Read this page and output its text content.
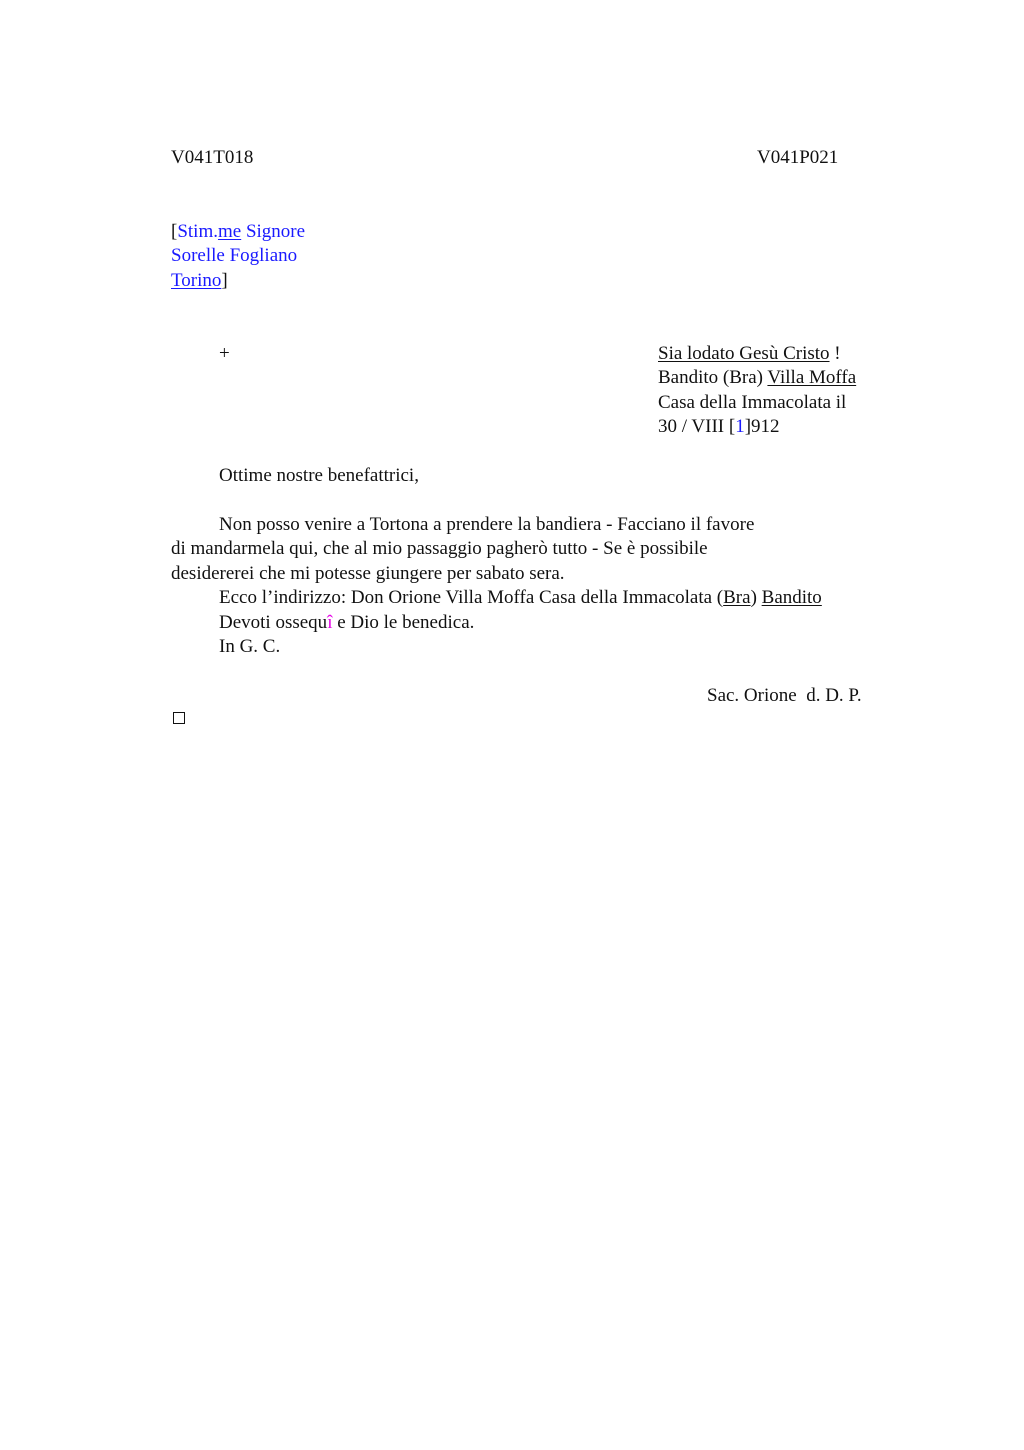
V041T018	V041P021
[Stim.me Signore
Sorelle Fogliano
Torino]
+	Sia lodato Gesù Cristo !
Bandito (Bra) Villa Moffa
Casa della Immacolata il
30 / VIII [1]912
Ottime nostre benefattrici,
Non posso venire a Tortona a prendere la bandiera - Facciano il favore
di mandarmela qui, che al mio passaggio pagherò tutto - Se è possibile
desidererei che mi potesse giungere per sabato sera.
Ecco l’indirizzo: Don Orione Villa Moffa Casa della Immacolata (Bra) Bandito
Devoti ossequî e Dio le benedica.
In G. C.
Sac. Orione  d. D. P.
